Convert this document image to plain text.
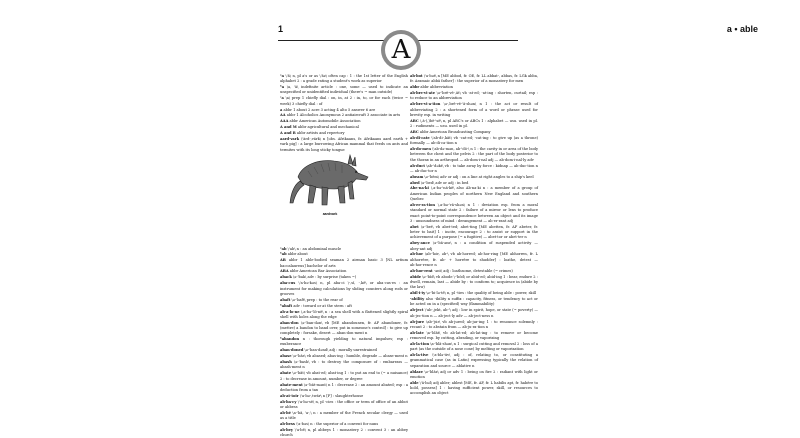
1	a • able
A
ᵃa \'ā\ n, pl a's or as \'āz\ often cap : 1 : the 1st letter of the English alphabet 2 : a grade rating a student's work as superior
ᵇa \a, 'ā\ indefinite article : one, some — used to indicate an unspecified or unidentified individual (there's ~ man outside)
ᶜa \a\ prep 1 chiefly dial : on, in, at 2 : in, to, or for each (twice ~ week) 3 chiefly dial : of
a abbr 1 about 2 acre 3 acting 4 alto 5 answer 6 are
AA abbr 1 Alcoholics Anonymous 2 antiaircraft 3 associate in arts
AAA abbr American Automobile Association
A and M abbr agricultural and mechanical
A and R abbr artists and repertory
aard·vark \'ärd-,värk\ n [obs. Afrikaans, fr. Afrikaans aard earth + vark pig] : a large burrowing African mammal that feeds on ants and termites with its long sticky tongue
ᵃab \'ab\ n : an abdominal muscle
ᵇab abbr about
AB abbr 1 able-bodied seaman 2 airman basic 3 [NL artium baccalaureus] bachelor of arts
ABA abbr American Bar Association
aback \ə-'bak\ adv : by surprise (taken ~)
aba·cus \'a-bə-kəs\ n, pl aba·ci \-,sī, -,kē\ or aba·cus·es : an instrument for making calculations by sliding counters along rods or grooves
abaft \ə-'baft\ prep : to the rear of
ᵇabaft adv : toward or at the stern : aft
ab·a·lo·ne \,a-bə-'lō-nē\ n : a sea shell with a flattened slightly spiral shell with holes along the edge
aban·don \ə-'ban-dən\ vb [ME abandounen, fr. AF abandoner, fr. (mettre) a bandon to band over, put in someone's control] : to give up completely : forsake, desert — aban·don·ment n
ᵇabandon n : thorough yielding to natural impulses; esp : exuberance
aban·doned \ə-'ban-dənd\ adj : morally unrestrained
abase \ə-'bās\ vb abased; abas·ing : humble, degrade — abase·ment n
abash \ə-'bash\ vb : to destroy the composure of : embarrass — abash·ment n
abate \ə-'bāt\ vb abat·ed; abat·ing 1 : to put an end to (~ a nuisance) 2 : to decrease in amount, number, or degree
abate·ment \ə-'bāt-mənt\ n 1 : decrease 2 : an amount abated; esp : a deduction from a tax
ab·at·toir \'a-bə-,twär\ n [F] : slaughterhouse
ab·ba·cy \'a-bə-sē\ n, pl -cies : the office or term of office of an abbot or abbess
ab·bé \a-'bā, 'a-,\ n : a member of the French secular clergy — used as a title
ab·bess \'a-bəs\ n : the superior of a convent for nuns
ab·bey \'a-bē\ n, pl abbeys 1 : monastery 2 : convent 3 : an abbey church
aardvark
ab·bot \'a-bət\ n [ME abbod, fr. OE, fr. LL abbat-, abbas, fr. LGk abba, fr. Aramaic abbā father] : the superior of a monastery for men
abbr abbr abbreviation
ab·bre·vi·ate \ə-'brē-vē-,āt\ vb -at·ed; -at·ing : shorten, curtail; esp : to reduce to an abbreviation
ab·bre·vi·a·tion \ə-,brē-vē-'ā-shən\ n 1 : the act or result of abbreviating 2 : a shortened form of a word or phrase used for brevity esp. in writing
ABC \,ā-(,)bē-'sē\ n, pl ABC's or ABCs 1 : alphabet — usu. used in pl. 2 : rudiments — usu. used in pl.
ABC abbr American Broadcasting Company
ab·di·cate \'ab-di-,kāt\ vb -cat·ed; -cat·ing : to give up (as a throne) formally — ab·di·ca·tion n
ab·do·men \'ab-də-mən, ab-'dō-\ n 1 : the cavity in or area of the body between the chest and the pelvis 2 : the part of the body posterior to the thorax in an arthropod — ab·dom·i·nal adj — ab·dom·i·nal·ly adv
ab·duct \ab-'dəkt\ vb : to take away by force : kidnap — ab·duc·tion n — ab·duc·tor n
abeam \ə-'bēm\ adv or adj : on a line at right angles to a ship's keel
abed \ə-'bed\ adv or adj : in bed
Abe·na·ki \,a-bə-'nä-kē\ also Ab·na·ki n : a member of a group of American Indian peoples of northern New England and southern Quebec
ab·er·ra·tion \,a-bə-'rā-shən\ n 1 : deviation esp. from a moral standard or normal state 2 : failure of a mirror or lens to produce exact point-to-point correspondence between an object and its image 3 : unsoundness of mind : derangement — ab·er·rant adj
abet \ə-'bet\ vb abet·ted; abet·ting [ME abetten, fr. AF abeter, fr. beter to bait] 1 : incite, encourage 2 : to assist or support in the achievement of a purpose (~ a fugitive) — abet·tor or abet·ter n
abey·ance \ə-'bā-əns\ n : a condition of suspended activity — abey·ant adj
ab·hor \ab-'hȯr, əb-\ vb ab·horred; ab·hor·ring [ME abhorren, fr. L abhorrēre, fr. ab- + horrēre to shudder] : loathe, detest — ab·hor·rence n
ab·hor·rent -ənt\ adj : loathsome, detestable (~ crimes)
abide \ə-'bīd\ vb abode \-'bōd\ or abid·ed; abid·ing 1 : bear, endure 2 : dwell, remain, last — abide by : to conform to; acquiesce in (abide by the law)
abil·i·ty \ə-'bi-lə-tē\ n, pl -ties : the quality of being able : power, skill
-ability also -ibility n suffix : capacity, fitness, or tendency to act or be acted on in a (specified) way (flammability)
ab·ject \'ab-,jekt, ab-'\ adj : low in spirit, hope, or state (~ poverty) — ab·jec·tion n — ab·ject·ly adv — ab·ject·ness n
ab·jure \ab-'ju̇r\ vb ab·jured; ab·jur·ing 1 : to renounce solemnly : recant 2 : to abstain from — ab·ju·ra·tion n
ab·late \a-'blāt\ vb ab·lat·ed; ab·lat·ing : to remove or become removed esp. by cutting, abrading, or vaporizing
ab·la·tion \a-'blā-shən\ n 1 : surgical cutting and removal 2 : loss of a part (as the outside of a nose cone) by melting or vaporization
ab·la·tive \'a-blə-tiv\ adj : of, relating to, or constituting a grammatical case (as in Latin) expressing typically the relation of separation and source — ablative n
ablaze \ə-'blāz\ adj or adv 1 : being on fire 2 : radiant with light or emotion
able \'ā-bəl\ adj abler; ablest [ME, fr. AF, fr. L habilis apt, fr. habēre to hold, possess] 1 : having sufficient power, skill, or resources to accomplish an object
